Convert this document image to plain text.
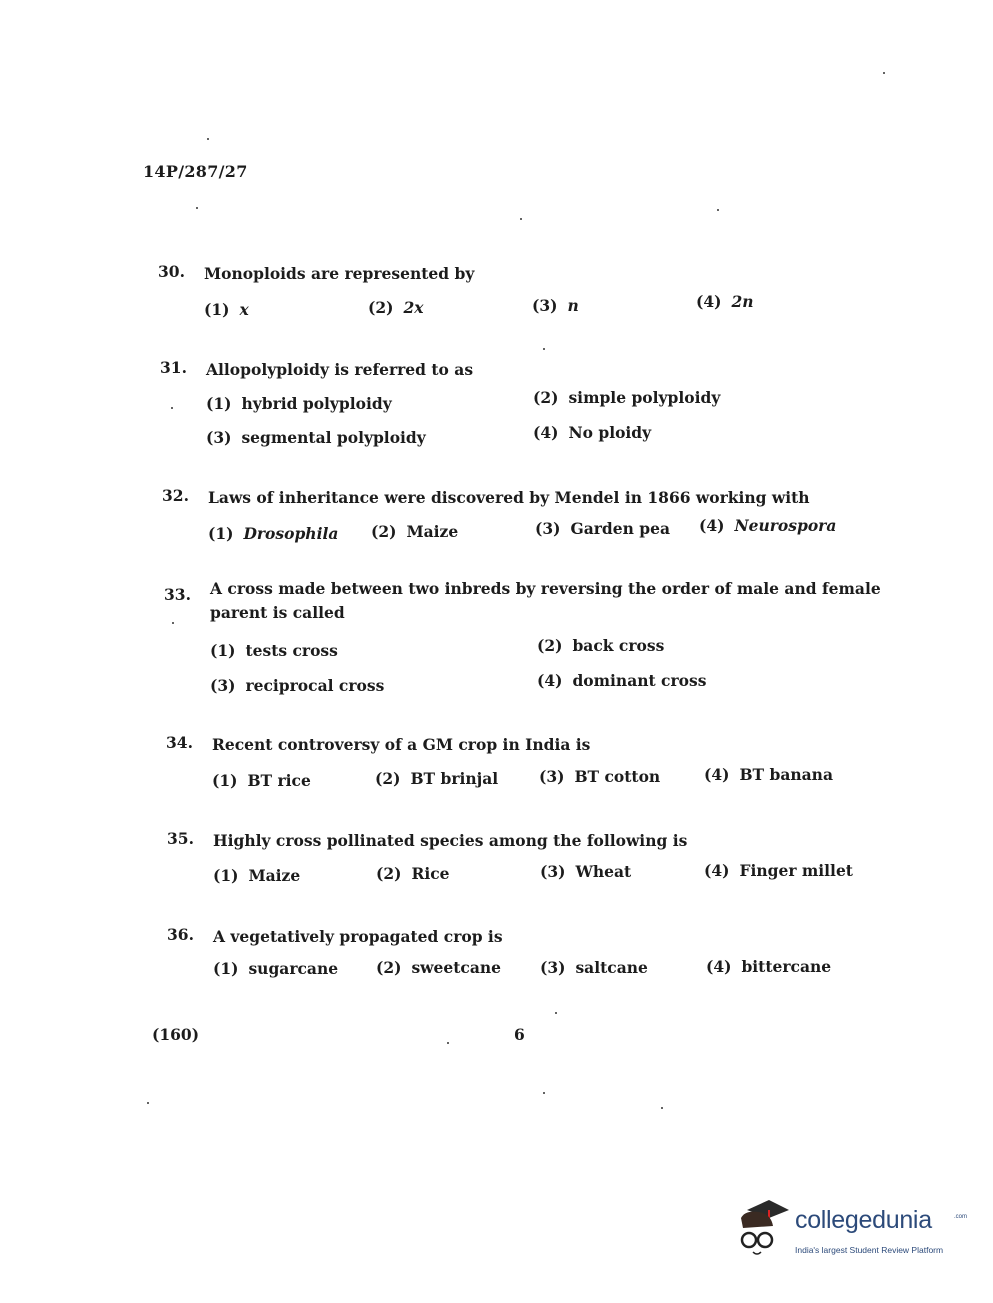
14P/287/27
30. Monoploids are represented by
(1) x	(2) 2x	(3) n	(4) 2n
31. Allopolyploidy is referred to as
(1) hybrid polyploidy	(2) simple polyploidy
(3) segmental polyploidy	(4) No ploidy
32. Laws of inheritance were discovered by Mendel in 1866 working with
(1) Drosophila (2) Maize	(3) Garden pea (4) Neurospora
33. A cross made between two inbreds by reversing the order of male and female parent is called
(1) tests cross	(2) back cross
(3) reciprocal cross	(4) dominant cross
34. Recent controversy of a GM crop in India is
(1) BT rice	(2) BT brinjal	(3) BT cotton	(4) BT banana
35. Highly cross pollinated species among the following is
(1) Maize	(2) Rice	(3) Wheat	(4) Finger millet
36. A vegetatively propagated crop is
(1) sugarcane (2) sweetcane	(3) saltcane	(4) bittercane
(160)	6
collegedunia	.com
India's largest Student Review Platform
